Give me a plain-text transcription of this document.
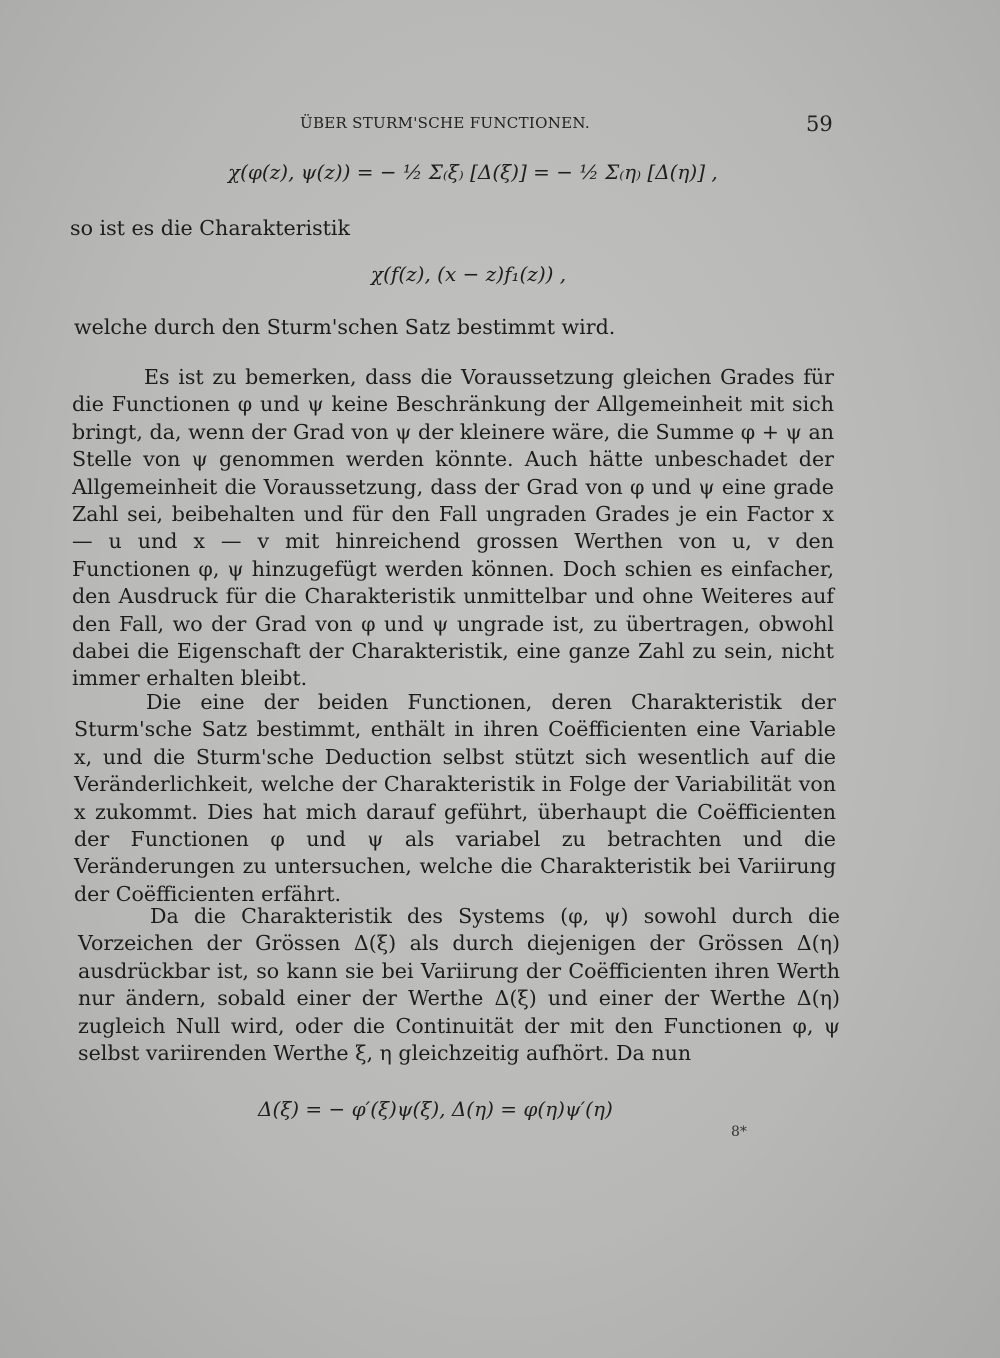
ÜBER STURM'SCHE FUNCTIONEN.	59
χ(φ(z), ψ(z)) = − ½ Σ₍ξ₎ [Δ(ξ)] = − ½ Σ₍η₎ [Δ(η)] ,
so ist es die Charakteristik
χ(f(z), (x − z)f₁(z)) ,
welche durch den Sturm'schen Satz bestimmt wird.

Es ist zu bemerken, dass die Voraussetzung gleichen Grades für die Functionen φ und ψ keine Beschränkung der Allgemeinheit mit sich bringt, da, wenn der Grad von ψ der kleinere wäre, die Summe φ + ψ an Stelle von ψ genommen werden könnte. Auch hätte unbeschadet der Allgemeinheit die Voraussetzung, dass der Grad von φ und ψ eine grade Zahl sei, beibehalten und für den Fall ungraden Grades je ein Factor x — u und x — v mit hinreichend grossen Werthen von u, v den Functionen φ, ψ hinzugefügt werden können. Doch schien es einfacher, den Ausdruck für die Charakteristik unmittelbar und ohne Weiteres auf den Fall, wo der Grad von φ und ψ ungrade ist, zu übertragen, obwohl dabei die Eigenschaft der Charakteristik, eine ganze Zahl zu sein, nicht immer erhalten bleibt.

Die eine der beiden Functionen, deren Charakteristik der Sturm'sche Satz bestimmt, enthält in ihren Coëfficienten eine Variable x, und die Sturm'sche Deduction selbst stützt sich wesentlich auf die Veränderlichkeit, welche der Charakteristik in Folge der Variabilität von x zukommt. Dies hat mich darauf geführt, überhaupt die Coëfficienten der Functionen φ und ψ als variabel zu betrachten und die Veränderungen zu untersuchen, welche die Charakteristik bei Variirung der Coëfficienten erfährt.

Da die Charakteristik des Systems (φ, ψ) sowohl durch die Vorzeichen der Grössen Δ(ξ) als durch diejenigen der Grössen Δ(η) ausdrückbar ist, so kann sie bei Variirung der Coëfficienten ihren Werth nur ändern, sobald einer der Werthe Δ(ξ) und einer der Werthe Δ(η) zugleich Null wird, oder die Continuität der mit den Functionen φ, ψ selbst variirenden Werthe ξ, η gleichzeitig aufhört. Da nun

Δ(ξ) = − φ′(ξ)ψ(ξ), Δ(η) = φ(η)ψ′(η)
8*
